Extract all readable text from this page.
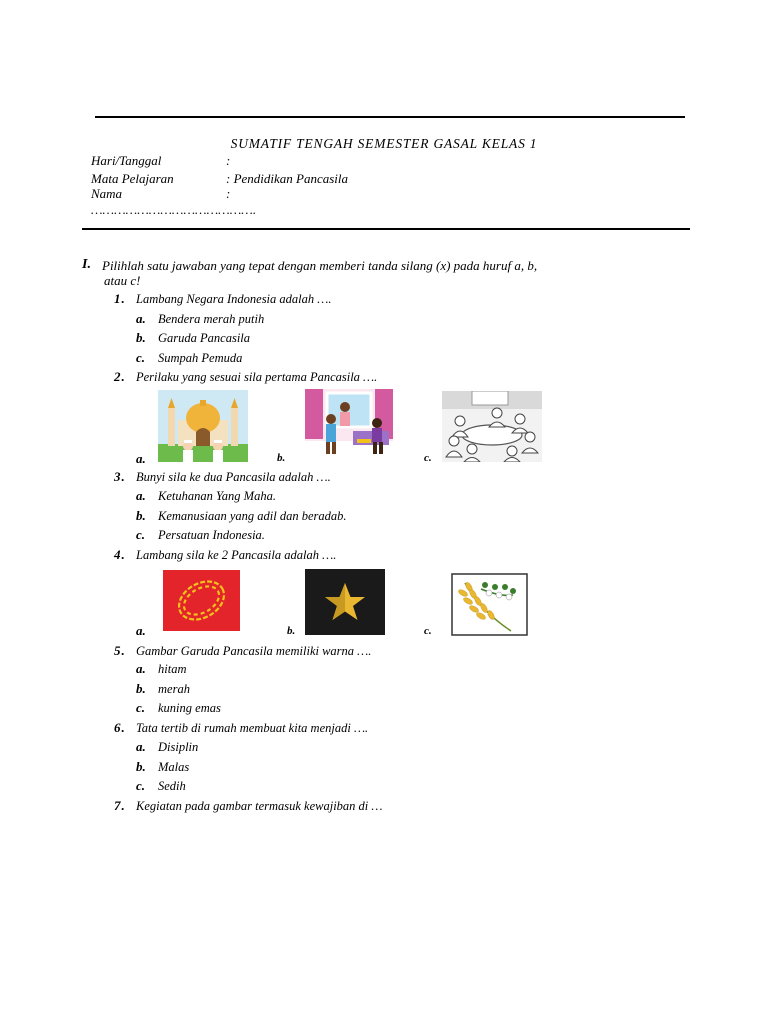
SUMATIF TENGAH SEMESTER GASAL KELAS 1
Hari/Tanggal	:
Mata Pelajaran	: Pendidikan Pancasila
Nama	:
…………………………………….
I. Pilihlah satu jawaban yang tepat dengan memberi tanda silang (x) pada huruf a, b,
atau c!
1. Lambang Negara Indonesia adalah ….
a. Bendera merah putih
b. Garuda Pancasila
c. Sumpah Pemuda
2. Perilaku yang sesuai sila pertama Pancasila ….
a.	b.	c.
3. Bunyi sila ke dua Pancasila adalah ….
a. Ketuhanan Yang Maha.
b. Kemanusiaan yang adil dan beradab.
c. Persatuan Indonesia.
4. Lambang sila ke 2 Pancasila adalah ….
a.	b.	c.
5. Gambar Garuda Pancasila memiliki warna ….
a. hitam
b. merah
c. kuning emas
6. Tata tertib di rumah membuat kita menjadi ….
a. Disiplin
b. Malas
c. Sedih
7. Kegiatan pada gambar termasuk kewajiban di …
